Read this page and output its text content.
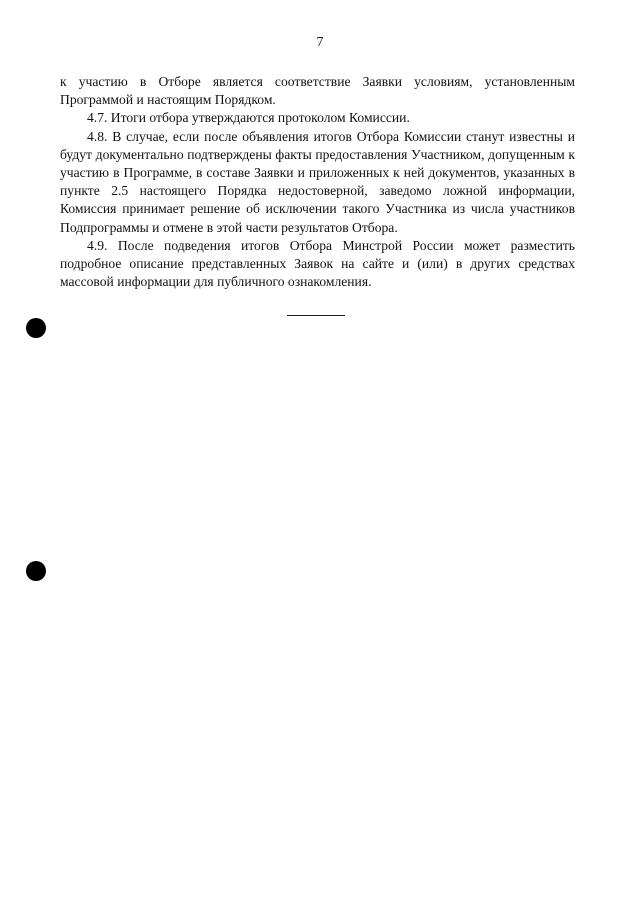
7

к участию в Отборе является соответствие Заявки условиям, установленным Программой и настоящим Порядком.

4.7. Итоги отбора утверждаются протоколом Комиссии.

4.8. В случае, если после объявления итогов Отбора Комиссии станут известны и будут документально подтверждены факты предоставления Участником, допущенным к участию в Программе, в составе Заявки и приложенных к ней документов, указанных в пункте 2.5 настоящего Порядка недостоверной, заведомо ложной информации, Комиссия принимает решение об исключении такого Участника из числа участников Подпрограммы и отмене в этой части результатов Отбора.

4.9. После подведения итогов Отбора Минстрой России может разместить подробное описание представленных Заявок на сайте и (или) в других средствах массовой информации для публичного ознакомления.
